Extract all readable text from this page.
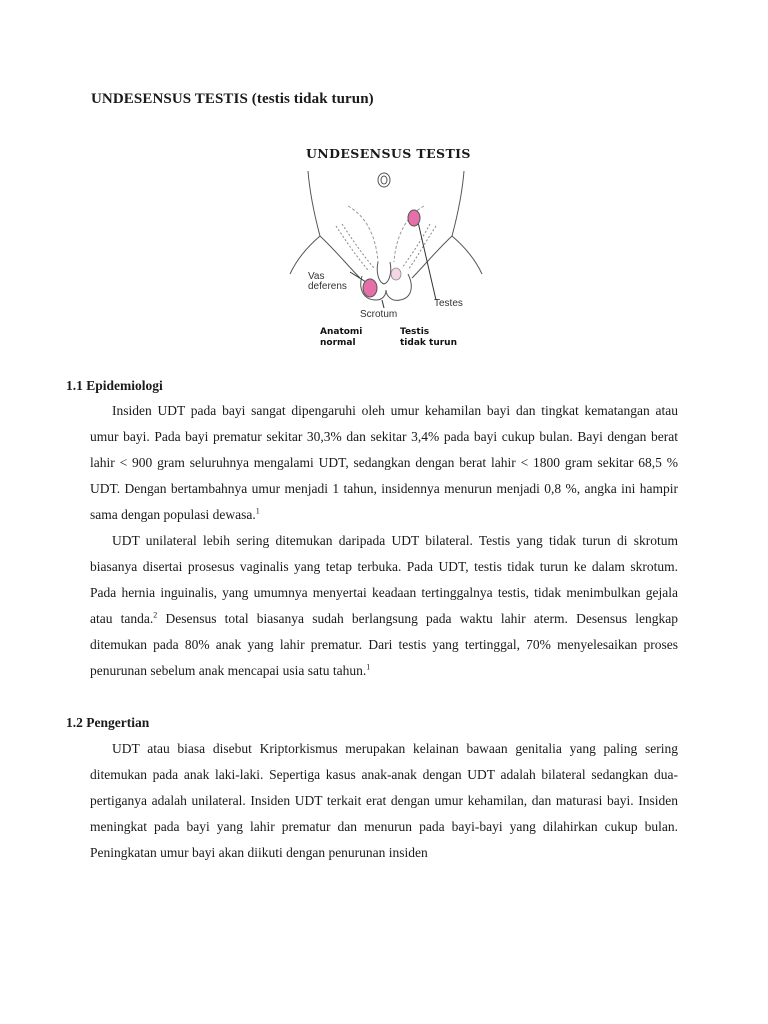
UNDESENSUS TESTIS (testis tidak turun)
UNDESENSUS TESTIS
Vas
deferens
Testes
Scrotum
Anatomi
normal
Testis
tidak turun
1.1 Epidemiologi

Insiden UDT pada bayi sangat dipengaruhi oleh umur kehamilan bayi dan tingkat kematangan atau umur bayi. Pada bayi prematur sekitar 30,3% dan sekitar 3,4% pada bayi cukup bulan. Bayi dengan berat lahir < 900 gram seluruhnya mengalami UDT, sedangkan dengan berat lahir < 1800 gram sekitar 68,5 % UDT. Dengan bertambahnya umur menjadi 1 tahun, insidennya menurun menjadi 0,8 %, angka ini hampir sama dengan populasi dewasa.$^1$

UDT unilateral lebih sering ditemukan daripada UDT bilateral. Testis yang tidak turun di skrotum biasanya disertai prosesus vaginalis yang tetap terbuka. Pada UDT, testis tidak turun ke dalam skrotum. Pada hernia inguinalis, yang umumnya menyertai keadaan tertinggalnya testis, tidak menimbulkan gejala atau tanda.$^2$ Desensus total biasanya sudah berlangsung pada waktu lahir aterm. Desensus lengkap ditemukan pada 80% anak yang lahir prematur. Dari testis yang tertinggal, 70% menyelesaikan proses penurunan sebelum anak mencapai usia satu tahun.$^1$

1.2 Pengertian

UDT atau biasa disebut Kriptorkismus merupakan kelainan bawaan genitalia yang paling sering ditemukan pada anak laki-laki. Sepertiga kasus anak-anak dengan UDT adalah bilateral sedangkan dua-pertiganya adalah unilateral. Insiden UDT terkait erat dengan umur kehamilan, dan maturasi bayi. Insiden meningkat pada bayi yang lahir prematur dan menurun pada bayi-bayi yang dilahirkan cukup bulan. Peningkatan umur bayi akan diikuti dengan penurunan insiden
